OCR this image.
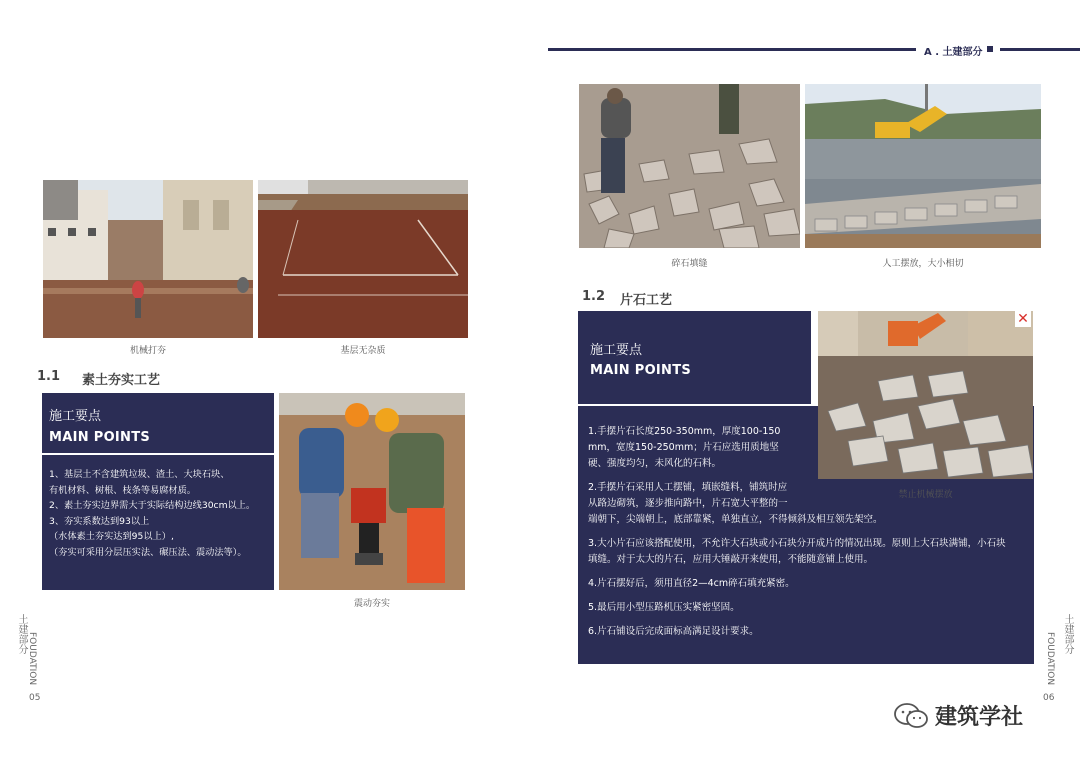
A . 土建部分
机械打夯	基层无杂质
1.1 素土夯实工艺
施工要点
MAIN POINTS
1、基层土不含建筑垃圾、渣土、大块石块、
有机材料、树根、枝条等易腐材质。
2、素土夯实边界需大于实际结构边线30cm以上。
3、夯实系数达到93以上
（水体素土夯实达到95以上）,
（夯实可采用分层压实法、碾压法、震动法等）。
震动夯实
土建部分 FOUDATION
05
碎石填缝	人工摆放，大小相切
1.2 片石工艺
施工要点
MAIN POINTS
1.手摆片石长度250-350mm，厚度100-150
mm，宽度150-250mm；片石应选用质地坚
硬、强度均匀，未风化的石料。
2.手摆片石采用人工摆铺，填嵌缝料，铺筑时应
从路边砌筑，逐步推向路中，片石宽大平整的一
端朝下，尖端朝上，底部靠紧，单独直立，不得倾斜及相互领先架空。
3.大小片石应该搭配使用，不允许大石块或小石块分开成片的情况出现。原则上大石块满铺，小石块
填缝。对于太大的片石，应用大锤敲开来使用，不能随意铺上使用。
4.片石摆好后，须用直径2—4cm碎石填充紧密。
5.最后用小型压路机压实紧密坚固。
6.片石铺设后完成面标高满足设计要求。
✕
禁止机械摆放
土建部分
FOUDATION
06
建筑学社
